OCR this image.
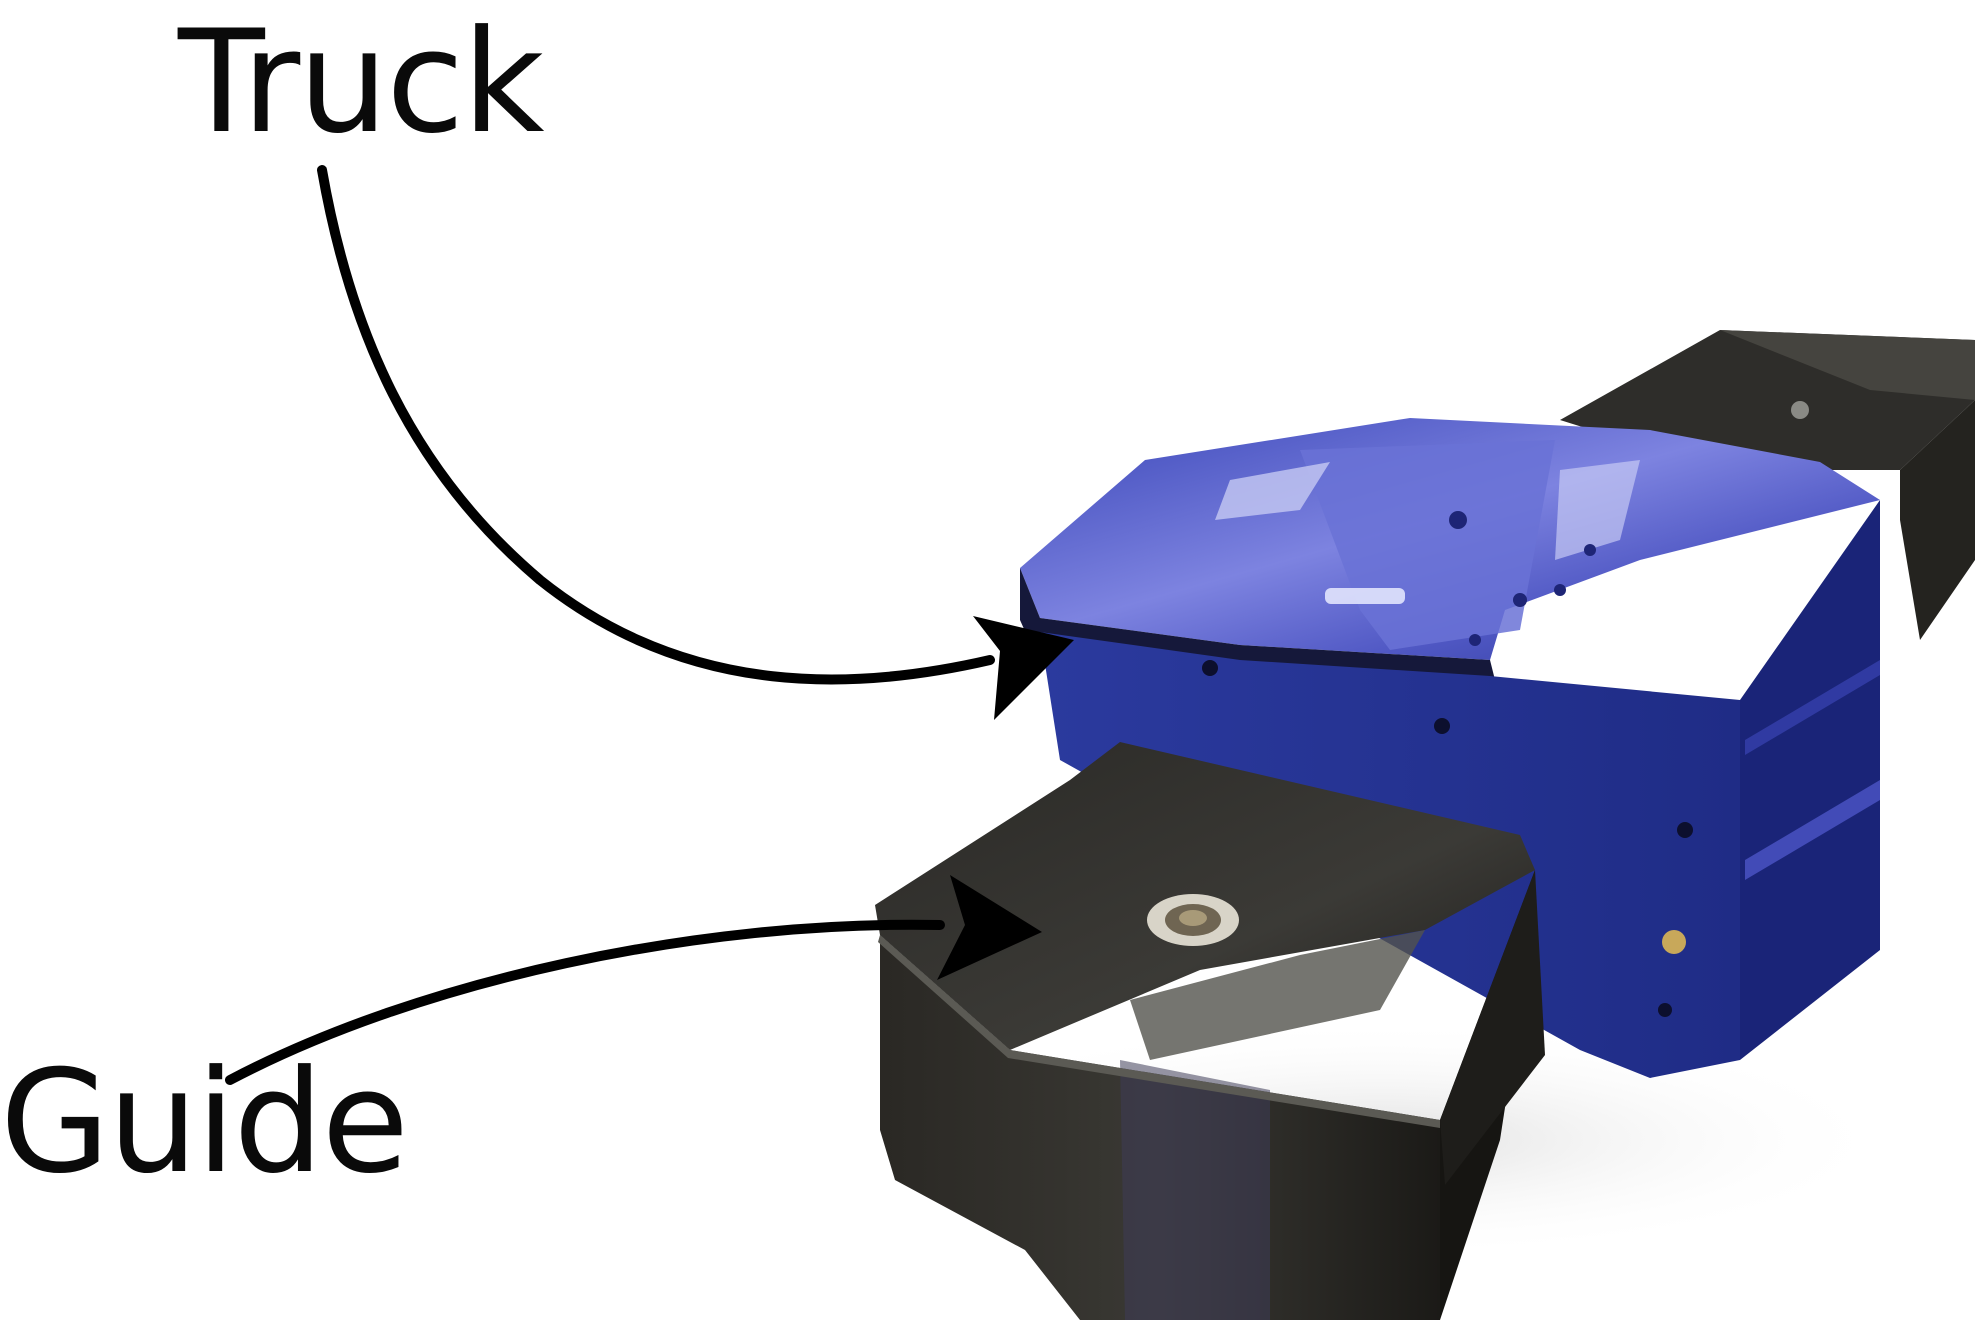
Truck
Guide
